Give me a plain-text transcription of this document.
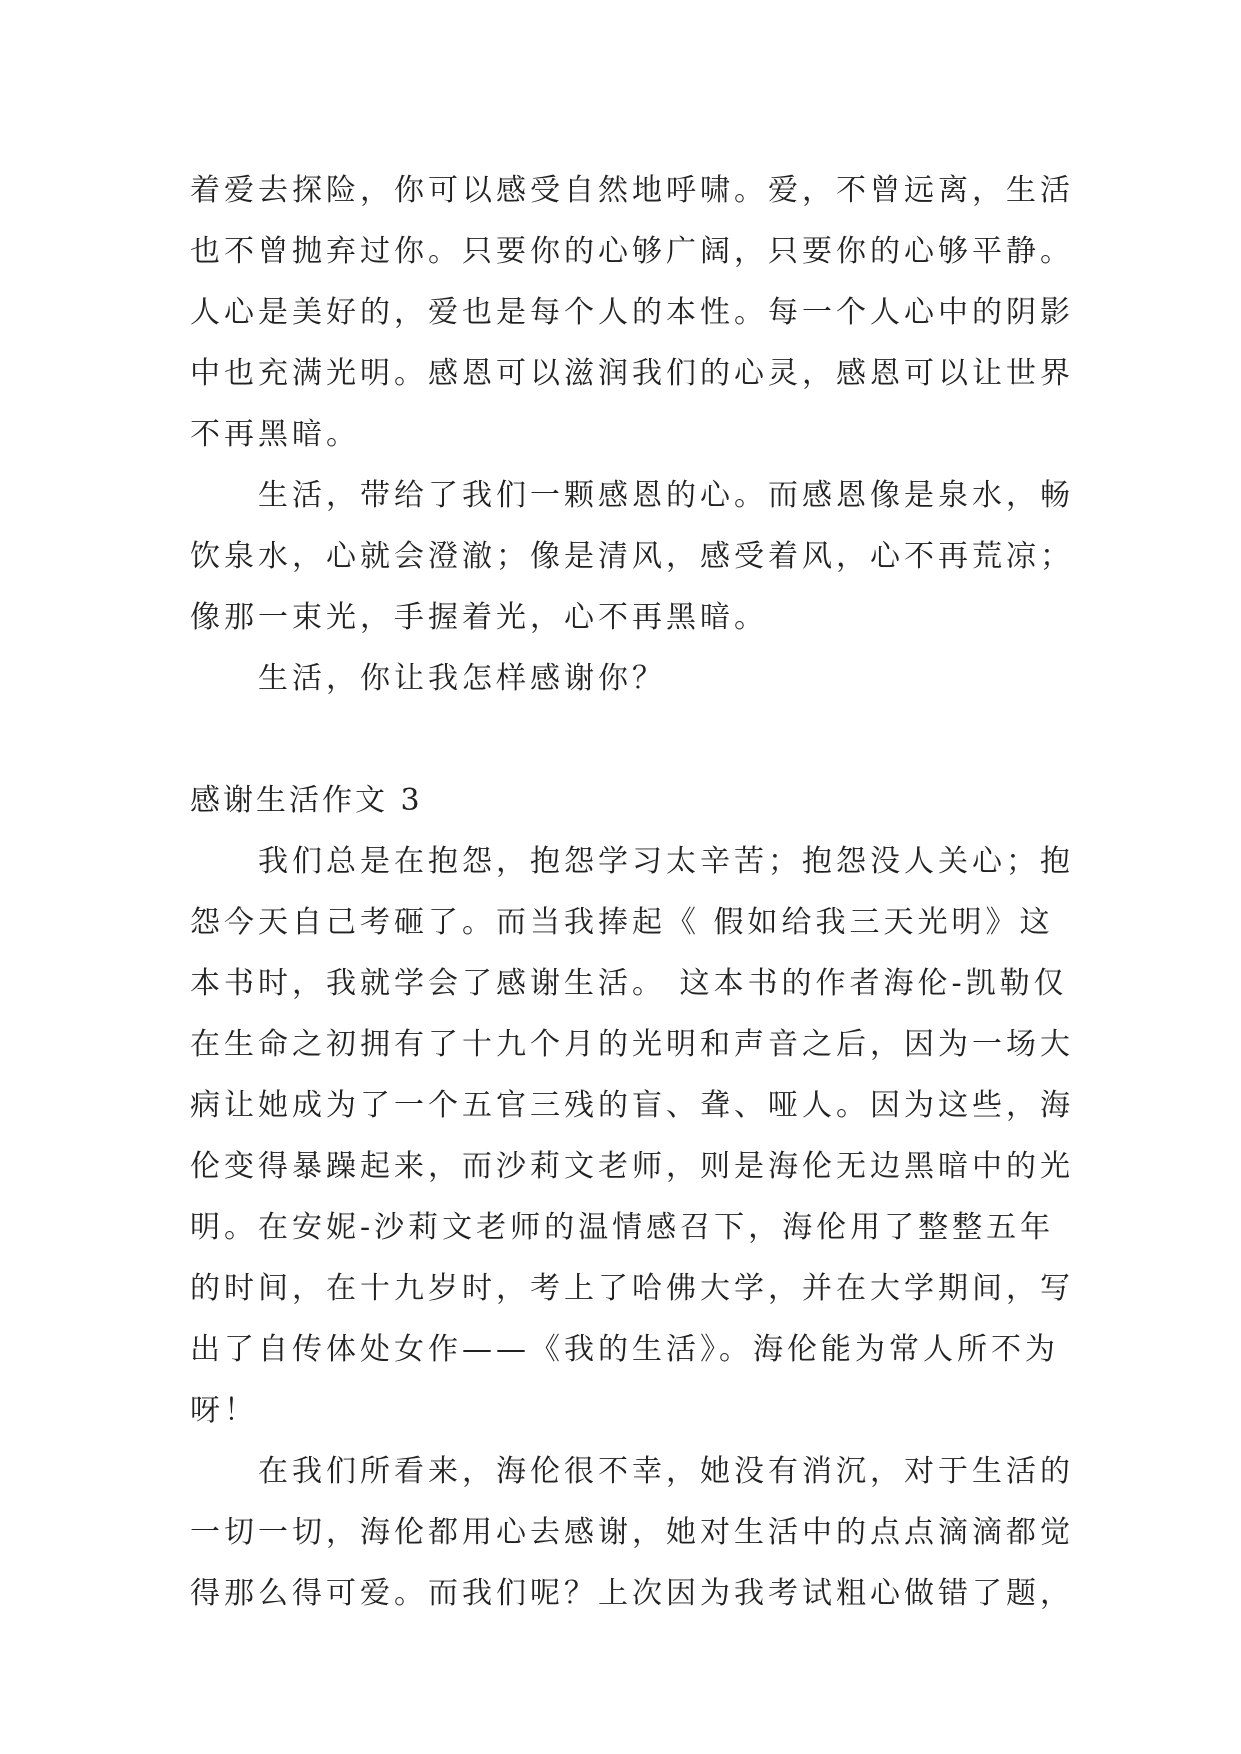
着爱去探险，你可以感受自然地呼啸。爱，不曾远离，生活
也不曾抛弃过你。只要你的心够广阔，只要你的心够平静。
人心是美好的，爱也是每个人的本性。每一个人心中的阴影
中也充满光明。感恩可以滋润我们的心灵，感恩可以让世界
不再黑暗。
生活，带给了我们一颗感恩的心。而感恩像是泉水，畅
饮泉水，心就会澄澈；像是清风，感受着风，心不再荒凉；
像那一束光，手握着光，心不再黑暗。
生活，你让我怎样感谢你？
感谢生活作文 3
我们总是在抱怨，抱怨学习太辛苦；抱怨没人关心；抱
怨今天自己考砸了。而当我捧起《 假如给我三天光明》这
本书时，我就学会了感谢生活。 这本书的作者海伦-凯勒仅
在生命之初拥有了十九个月的光明和声音之后，因为一场大
病让她成为了一个五官三残的盲、聋、哑人。因为这些，海
伦变得暴躁起来，而沙莉文老师，则是海伦无边黑暗中的光
明。在安妮-沙莉文老师的温情感召下，海伦用了整整五年
的时间，在十九岁时，考上了哈佛大学，并在大学期间，写
出了自传体处女作——《我的生活》。海伦能为常人所不为
呀！
在我们所看来，海伦很不幸，她没有消沉，对于生活的
一切一切，海伦都用心去感谢，她对生活中的点点滴滴都觉
得那么得可爱。而我们呢？上次因为我考试粗心做错了题，
